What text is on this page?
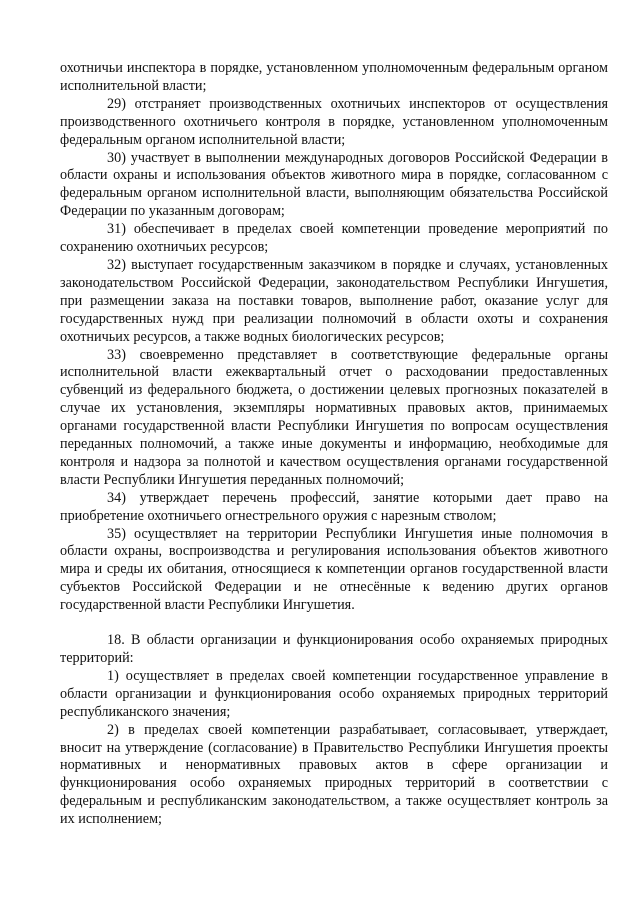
охотничьи инспектора в порядке, установленном уполномоченным федеральным органом исполнительной власти;

29) отстраняет производственных охотничьих инспекторов от осуществления производственного охотничьего контроля в порядке, установленном уполномоченным федеральным органом исполнительной власти;

30) участвует в выполнении международных договоров Российской Федерации в области охраны и использования объектов животного мира в порядке, согласованном с федеральным органом исполнительной власти, выполняющим обязательства Российской Федерации по указанным договорам;

31) обеспечивает в пределах своей компетенции проведение мероприятий по сохранению охотничьих ресурсов;

32) выступает государственным заказчиком в порядке и случаях, установленных законодательством Российской Федерации, законодательством Республики Ингушетия, при размещении заказа на поставки товаров, выполнение работ, оказание услуг для государственных нужд при реализации полномочий в области охоты и сохранения охотничьих ресурсов, а также водных биологических ресурсов;

33) своевременно представляет в соответствующие федеральные органы исполнительной власти ежеквартальный отчет о расходовании предоставленных субвенций из федерального бюджета, о достижении целевых прогнозных показателей в случае их установления, экземпляры нормативных правовых актов, принимаемых органами государственной власти Республики Ингушетия по вопросам осуществления переданных полномочий, а также иные документы и информацию, необходимые для контроля и надзора за полнотой и качеством осуществления органами государственной власти Республики Ингушетия переданных полномочий;

34) утверждает перечень профессий, занятие которыми дает право на приобретение охотничьего огнестрельного оружия с нарезным стволом;

35) осуществляет на территории Республики Ингушетия иные полномочия в области охраны, воспроизводства и регулирования использования объектов животного мира и среды их обитания, относящиеся к компетенции органов государственной власти субъектов Российской Федерации и не отнесённые к ведению других органов государственной власти Республики Ингушетия.

18. В области организации и функционирования особо охраняемых природных территорий:

1) осуществляет в пределах своей компетенции государственное управление в области организации и функционирования особо охраняемых природных территорий республиканского значения;

2) в пределах своей компетенции разрабатывает, согласовывает, утверждает, вносит на утверждение (согласование) в Правительство Республики Ингушетия проекты нормативных и ненормативных правовых актов в сфере организации и функционирования особо охраняемых природных территорий в соответствии с федеральным и республиканским законодательством, а также осуществляет контроль за их исполнением;
